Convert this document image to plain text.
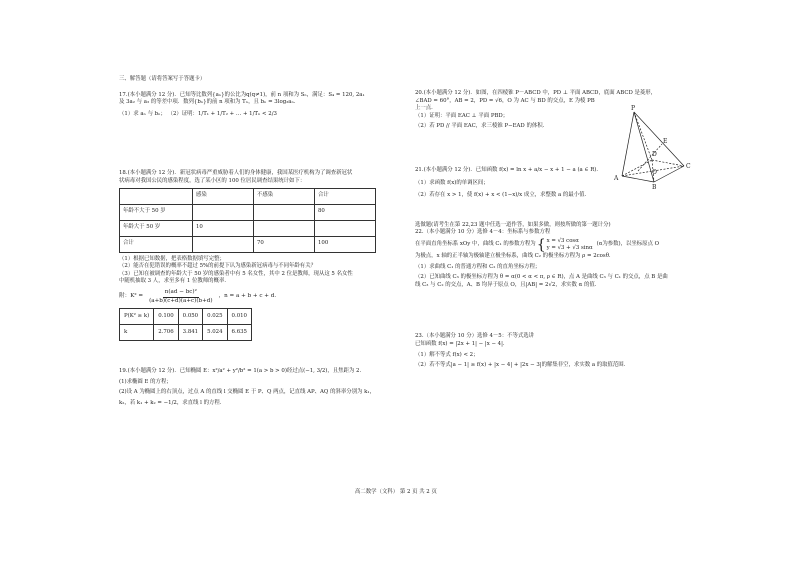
三、解答题（请将答案写于答题卡）
17.(本小题满分 12 分)．已知等比数列{aₙ}的公比为q(q≠1)，前 n 项和为 Sₙ，满足：S₄ = 120, 2a₁
及 3a₂ 与 a₃ 的等差中项．数列{bₙ}的前 n 项和为 Tₙ，且 bₙ = 3log₃aₙ．
（1）求 aₙ 与 bₙ； （2）证明：1/T₁ + 1/T₂ + … + 1/Tₙ < 2/3
18.(本小题满分 12 分)．新冠状病毒严重威胁着人们的身体健康，我国某医疗机构为了调查新冠状
状病毒对我国公民的感染程度，选了某小区的 100 位居民调查结果统计如下：
	感染	不感染	合计
年龄不大于 50 岁			80
年龄大于 50 岁	10		
合计		70	100
（1）根据已知数据，把表格数据填写完整；
（2）能否在犯错误的概率不超过 5%的前提下认为感染新冠病毒与不同年龄有关？
（3）已知在被调查的年龄大于 50 岁的感染者中有 5 名女性，其中 2 位是教师，现从这 5 名女性
中随机抽取 3 人，求至多有 1 位教师的概率．
附：$K^2 = \frac{\text{n(ad − bc)²}}{(a+b)(c+d)(a+c)(b+d)}$ ，n = a + b + c + d．
P(K² ≥ k)	0.100	0.050	0.025	0.010
k	2.706	3.841	5.024	6.635
19.(本小题满分 12 分)．已知椭圆 E：x²/a² + y²/b² = 1(a > b > 0)经过点(−1, 3/2)，且焦距为 2．
(1)求椭圆 E 的方程；
(2)设 A 为椭圆上的右顶点，过点 A 的直线 l 交椭圆 E 于 P、Q 两点，记直线 AP、AQ 的斜率分别为 k₁，
k₂，若 k₁ + k₂ = −1/2，求直线 l 的方程．
20.(本小题满分 12 分)．如图，在四棱锥 P－ABCD 中，PD ⊥ 平面 ABCD，底面 ABCD 是菱形，
∠BAD = 60°，AB = 2，PD = √6，O 为 AC 与 BD 的交点，E 为棱 PB
上一点．
（1）证明：平面 EAC ⊥ 平面 PBD；
（2）若 PD // 平面 EAC，求三棱锥 P−EAD 的体积．
21.(本小题满分 12 分)．已知函数 f(x) = ln x + a/x − x + 1 − a (a ∈ R)．
（1）求函数 f(x)的单调区间；
（2）若存在 x > 1，使 f(x) + x < (1−x)/x 成立，求整数 a 的最小值．
选做题(请考生在第 22,23 题中任选一道作答，如果多做，则按所做的第一题计分)
22.（本小题满分 10 分）选修 4－4：坐标系与参数方程
在平面直角坐标系 xOy 中，曲线 C₁ 的参数方程为 { x = √3 cosα
y = √3 + √3 sinα
(α为参数)，以坐标原点 O
为极点，x 轴的正半轴为极轴建立极坐标系，曲线 C₂ 的极坐标方程为 ρ = 2cosθ．
（1）求曲线 C₁ 的普通方程和 C₂ 的直角坐标方程；
（2）已知曲线 C₃ 的极坐标方程为 θ = α(0 < α < π, ρ ∈ R)，点 A 是曲线 C₃ 与 C₁ 的交点，点 B 是曲
线 C₃ 与 C₂ 的交点，A、B 均异于原点 O，且|AB| = 2√2，求实数 α 的值．
23.（本小题满分 10 分）选修 4－5：不等式选讲
已知函数 f(x) = |2x + 1| − |x − 4|．
（1）解不等式 f(x) < 2；
（2）若不等式|a − 1| ≥ f(x) + |x − 4| + |2x − 3|的解集非空，求实数 a 的取值范围．
P
A
B
C
D
E
O
高二数学（文科） 第 2 页 共 2 页
